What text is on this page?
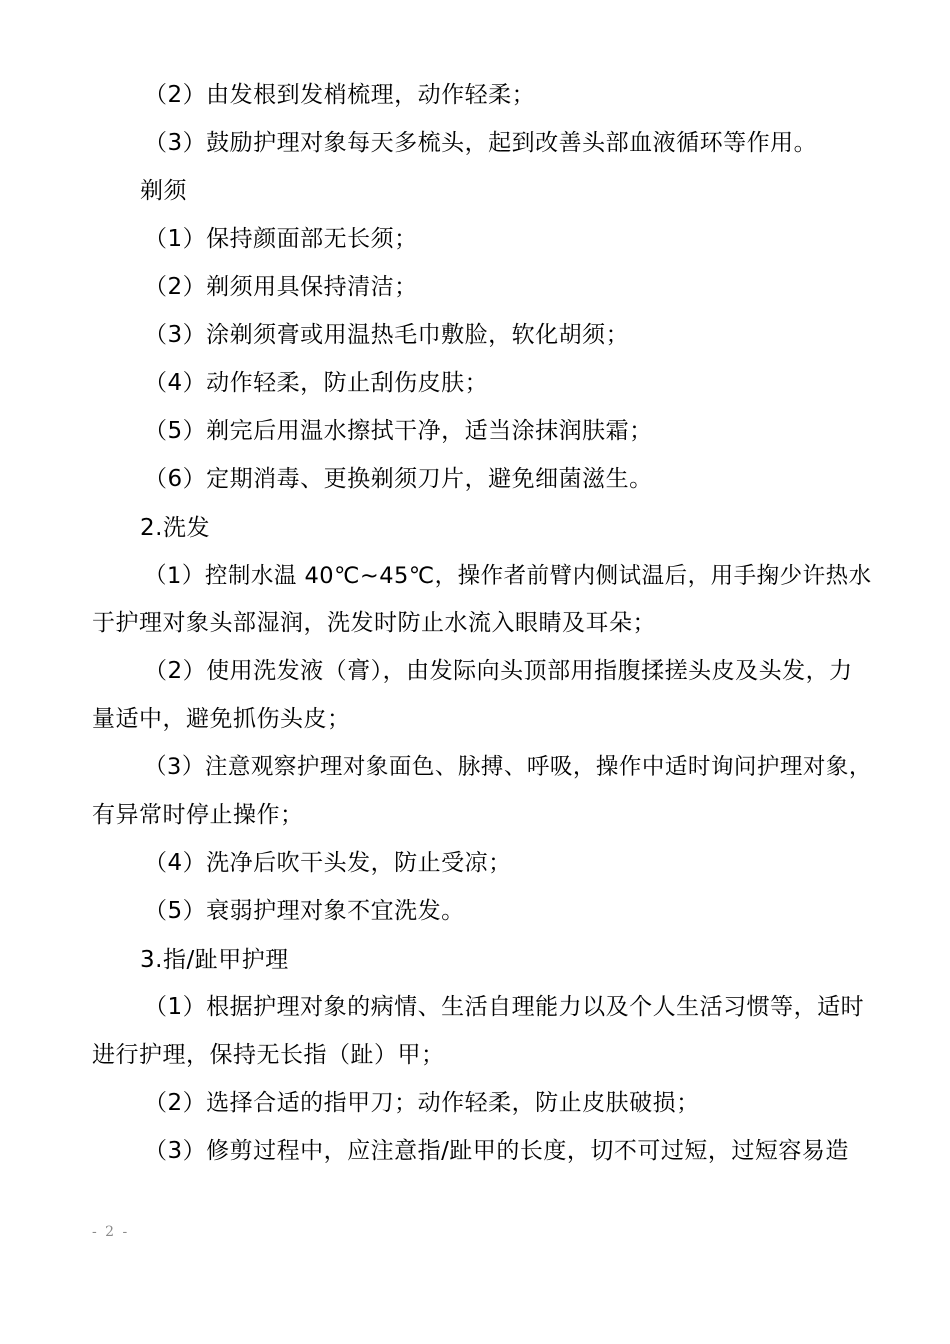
（2）由发根到发梢梳理，动作轻柔；
（3）鼓励护理对象每天多梳头，起到改善头部血液循环等作用。
剃须
（1）保持颜面部无长须；
（2）剃须用具保持清洁；
（3）涂剃须膏或用温热毛巾敷脸，软化胡须；
（4）动作轻柔，防止刮伤皮肤；
（5）剃完后用温水擦拭干净，适当涂抹润肤霜；
（6）定期消毒、更换剃须刀片，避免细菌滋生。
2.洗发
（1）控制水温 40℃~45℃，操作者前臂内侧试温后，用手掬少许热水
于护理对象头部湿润，洗发时防止水流入眼睛及耳朵；
（2）使用洗发液（膏），由发际向头顶部用指腹揉搓头皮及头发，力
量适中，避免抓伤头皮；
（3）注意观察护理对象面色、脉搏、呼吸，操作中适时询问护理对象，
有异常时停止操作；
（4）洗净后吹干头发，防止受凉；
（5）衰弱护理对象不宜洗发。
3.指/趾甲护理
（1）根据护理对象的病情、生活自理能力以及个人生活习惯等，适时
进行护理，保持无长指（趾）甲；
（2）选择合适的指甲刀；动作轻柔，防止皮肤破损；
（3）修剪过程中，应注意指/趾甲的长度，切不可过短，过短容易造
- 2 -
